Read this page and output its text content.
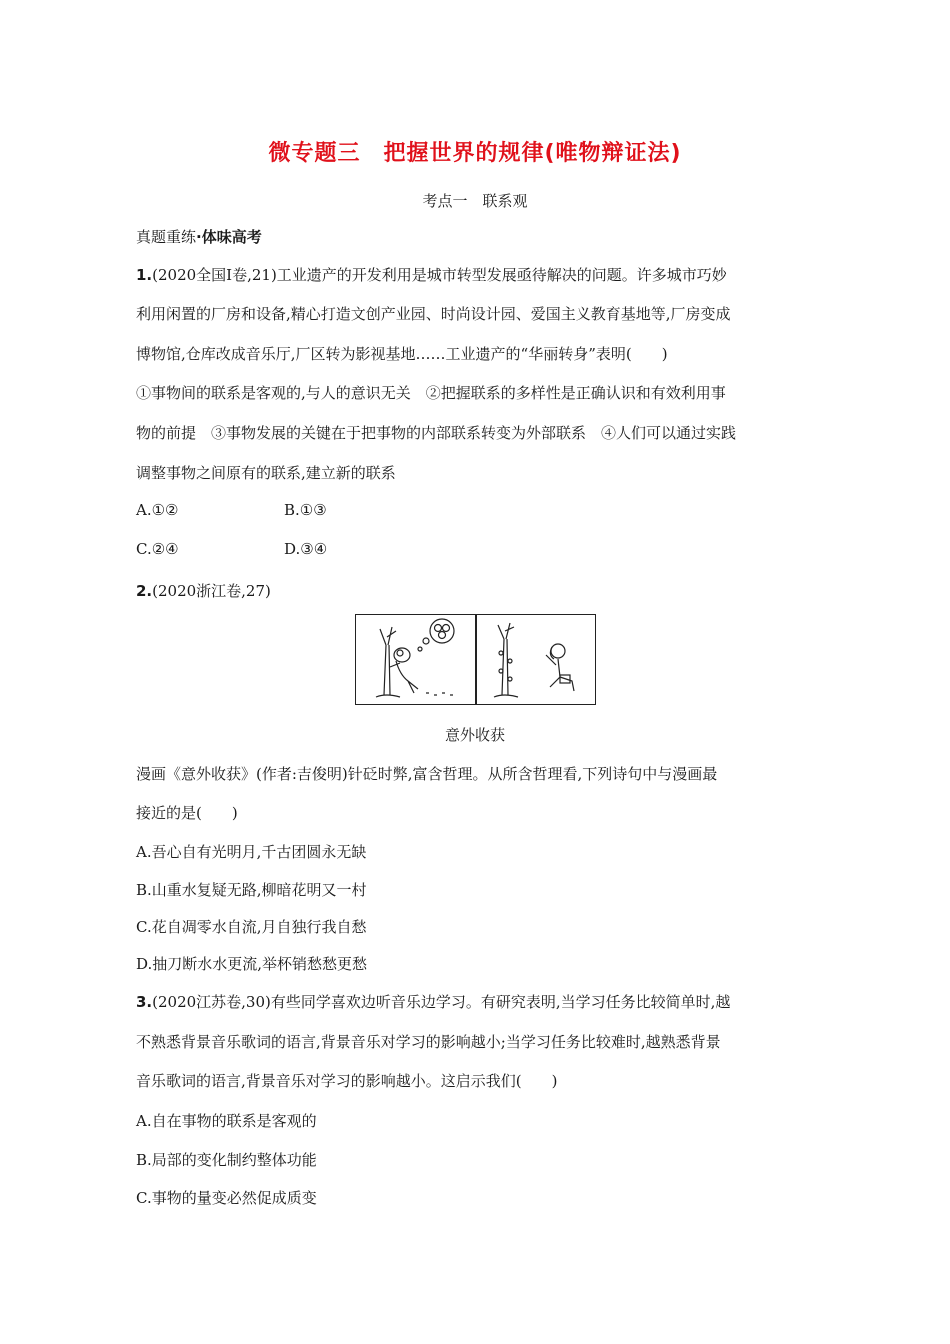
微专题三　把握世界的规律(唯物辩证法)
考点一　联系观
真题重练·体味高考
1.(2020全国Ⅰ卷,21)工业遗产的开发利用是城市转型发展亟待解决的问题。许多城市巧妙
利用闲置的厂房和设备,精心打造文创产业园、时尚设计园、爱国主义教育基地等,厂房变成
博物馆,仓库改成音乐厅,厂区转为影视基地……工业遗产的“华丽转身”表明(　　)
①事物间的联系是客观的,与人的意识无关　②把握联系的多样性是正确认识和有效利用事
物的前提　③事物发展的关键在于把事物的内部联系转变为外部联系　④人们可以通过实践
调整事物之间原有的联系,建立新的联系
A.①②	B.①③
C.②④	D.③④
2.(2020浙江卷,27)
意外收获
漫画《意外收获》(作者:吉俊明)针砭时弊,富含哲理。从所含哲理看,下列诗句中与漫画最
接近的是(　　)
A.吾心自有光明月,千古团圆永无缺
B.山重水复疑无路,柳暗花明又一村
C.花自凋零水自流,月自独行我自愁
D.抽刀断水水更流,举杯销愁愁更愁
3.(2020江苏卷,30)有些同学喜欢边听音乐边学习。有研究表明,当学习任务比较简单时,越
不熟悉背景音乐歌词的语言,背景音乐对学习的影响越小;当学习任务比较难时,越熟悉背景
音乐歌词的语言,背景音乐对学习的影响越小。这启示我们(　　)
A.自在事物的联系是客观的
B.局部的变化制约整体功能
C.事物的量变必然促成质变
